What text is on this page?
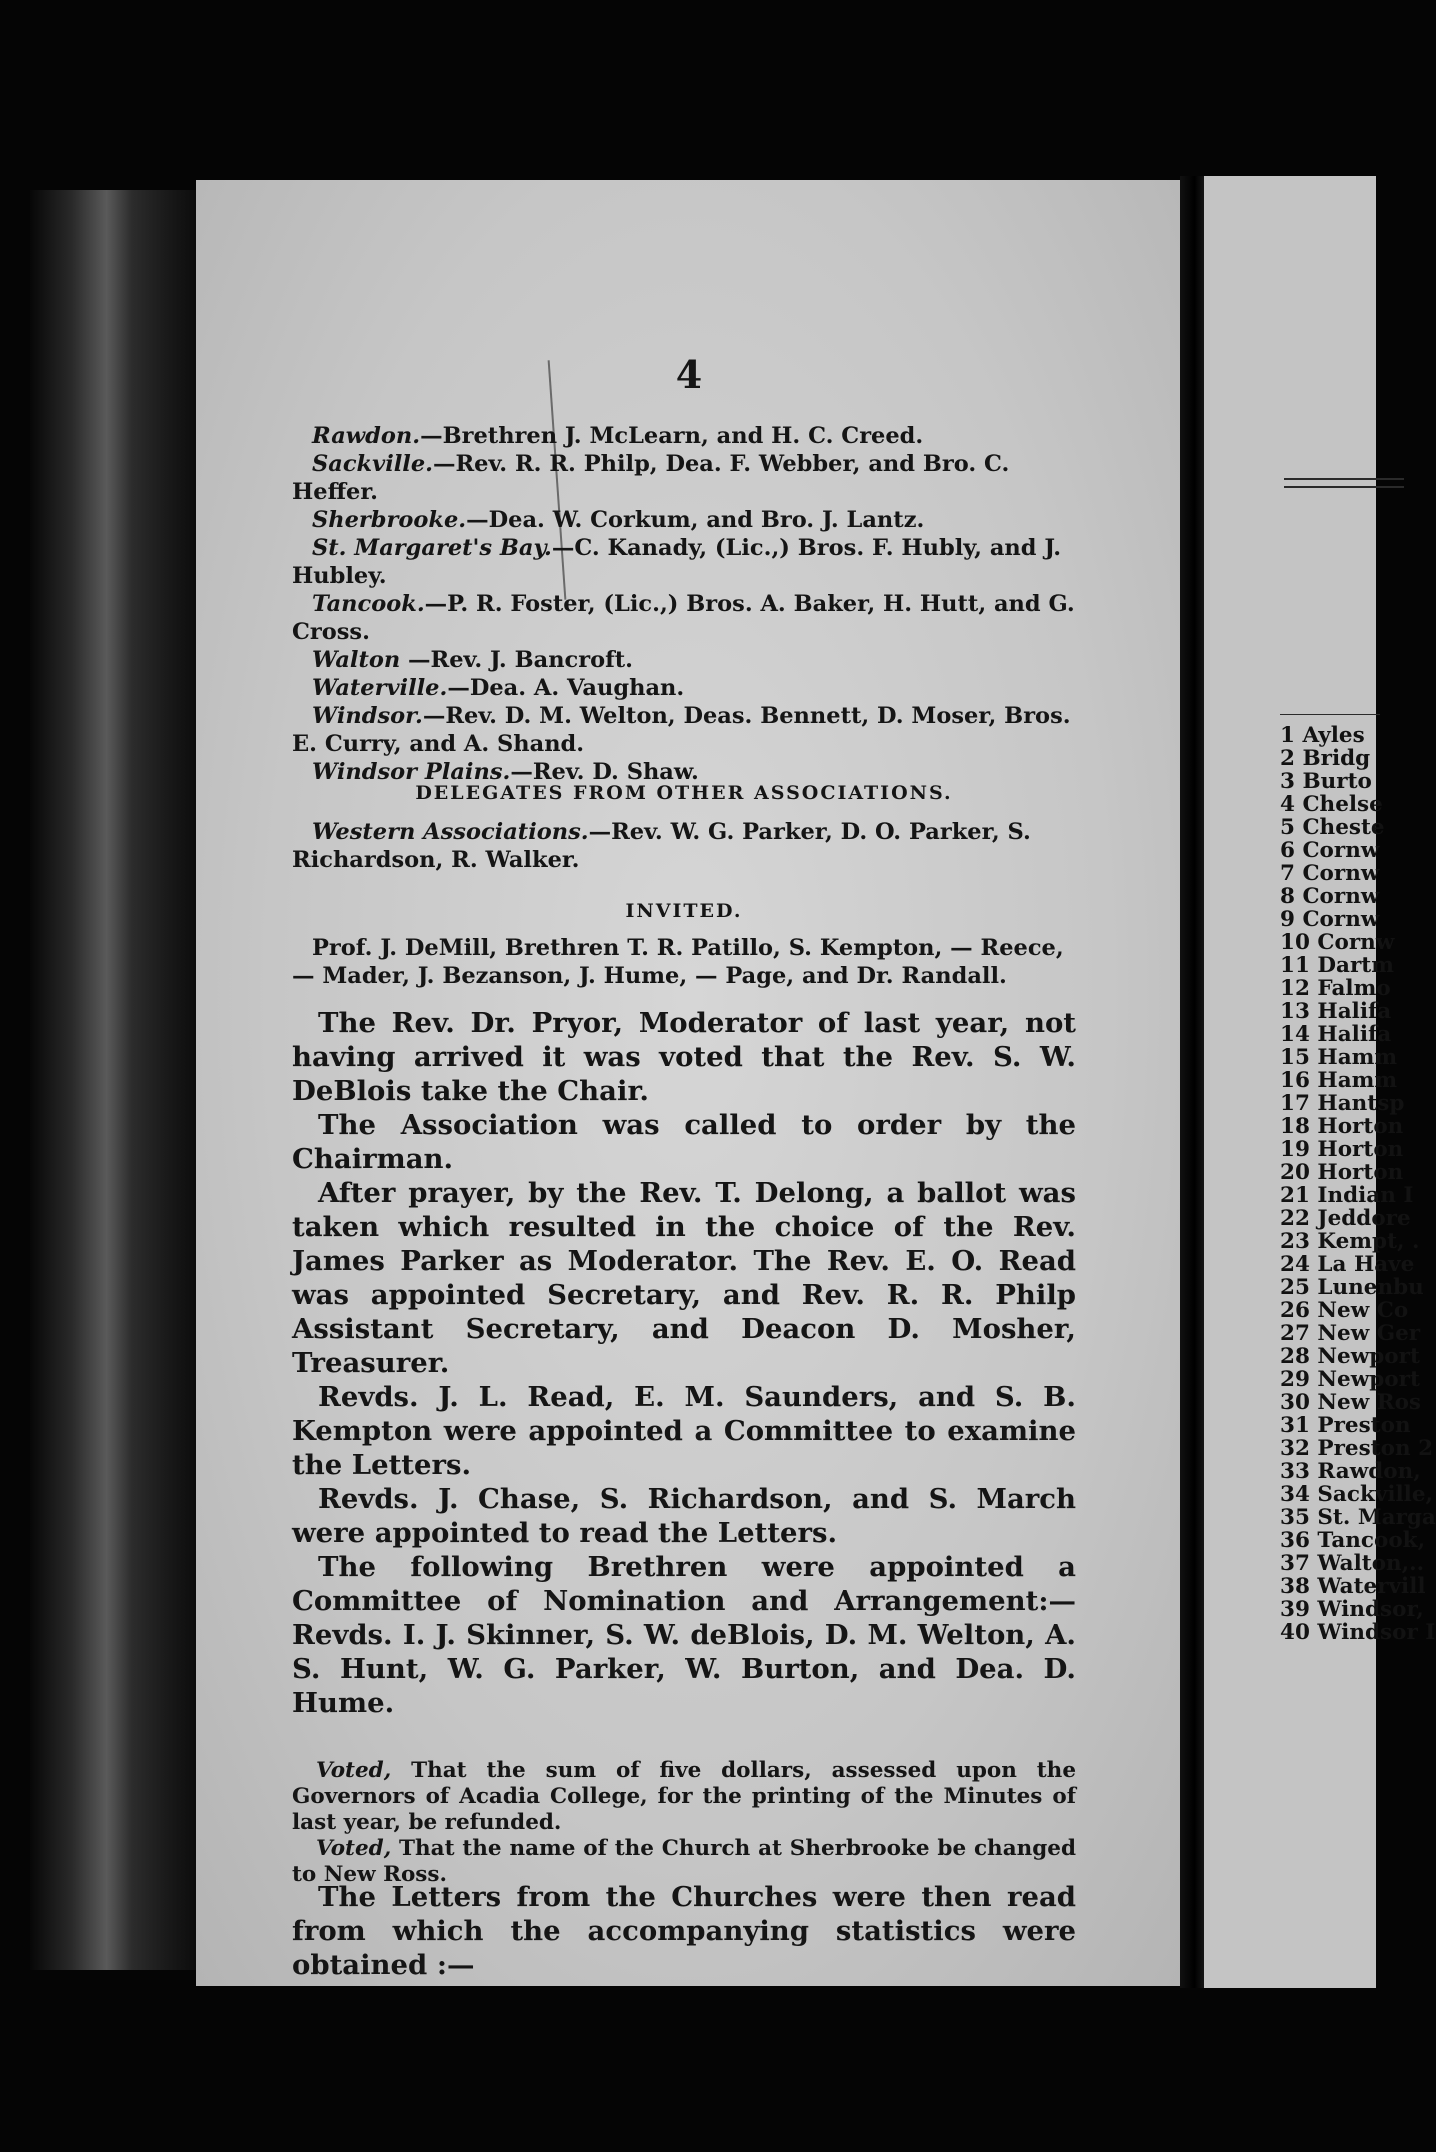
4

Rawdon.—Brethren J. McLearn, and H. C. Creed.

Sackville.—Rev. R. R. Philp, Dea. F. Webber, and Bro. C. Heffer.

Sherbrooke.—Dea. W. Corkum, and Bro. J. Lantz.

St. Margaret's Bay.—C. Kanady, (Lic.,) Bros. F. Hubly, and J. Hubley.

Tancook.—P. R. Foster, (Lic.,) Bros. A. Baker, H. Hutt, and G. Cross.

Walton —Rev. J. Bancroft.

Waterville.—Dea. A. Vaughan.

Windsor.—Rev. D. M. Welton, Deas. Bennett, D. Moser, Bros. E. Curry, and A. Shand.

Windsor Plains.—Rev. D. Shaw.

DELEGATES FROM OTHER ASSOCIATIONS.

Western Associations.—Rev. W. G. Parker, D. O. Parker, S. Richardson, R. Walker.

INVITED.

Prof. J. DeMill, Brethren T. R. Patillo, S. Kempton, — Reece, — Mader, J. Bezanson, J. Hume, — Page, and Dr. Randall.

The Rev. Dr. Pryor, Moderator of last year, not having arrived it was voted that the Rev. S. W. DeBlois take the Chair.

The Association was called to order by the Chairman.

After prayer, by the Rev. T. Delong, a ballot was taken which resulted in the choice of the Rev. James Parker as Moderator. The Rev. E. O. Read was appointed Secretary, and Rev. R. R. Philp Assistant Secretary, and Deacon D. Mosher, Treasurer.

Revds. J. L. Read, E. M. Saunders, and S. B. Kempton were appointed a Committee to examine the Letters.

Revds. J. Chase, S. Richardson, and S. March were appointed to read the Letters.

The following Brethren were appointed a Committee of Nomination and Arrangement:—Revds. I. J. Skinner, S. W. deBlois, D. M. Welton, A. S. Hunt, W. G. Parker, W. Burton, and Dea. D. Hume.

Voted, That the sum of five dollars, assessed upon the Governors of Acadia College, for the printing of the Minutes of last year, be refunded.

Voted, That the name of the Church at Sherbrooke be changed to New Ross.

The Letters from the Churches were then read from which the accompanying statistics were obtained :—

1 Ayles
2 Bridg
3 Burto
4 Chelse
5 Cheste
6 Cornw
7 Cornw
8 Cornw
9 Cornw
10 Cornw
11 Dartm
12 Falmo
13 Halifa
14 Halifa
15 Hamm
16 Hamm
17 Hantsp
18 Horton
19 Horton
20 Horton
21 Indian I
22 Jeddore
23 Kempt, .
24 La Have
25 Lunenbu
26 New Co
27 New Ger
28 Newport
29 Newport
30 New Ros
31 Preston
32 Preston 2
33 Rawdon,
34 Sackville,
35 St. Marga
36 Tancook,
37 Walton,..
38 Watervill
39 Windsor,
40 Windsor I
